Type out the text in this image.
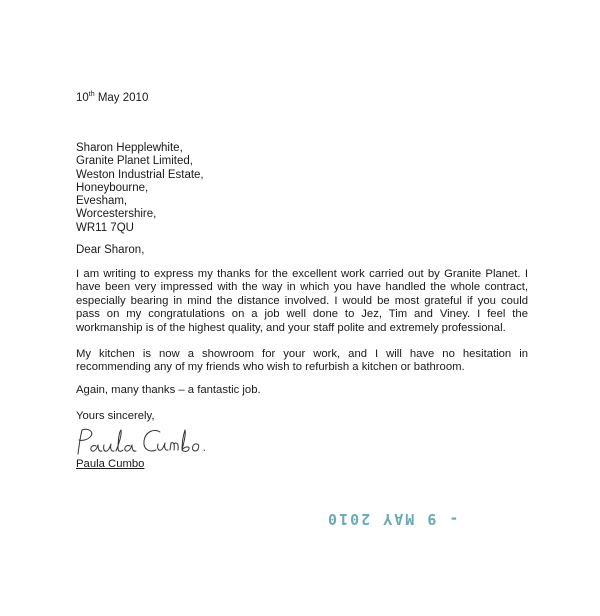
10th May 2010
Sharon Hepplewhite,
Granite Planet Limited,
Weston Industrial Estate,
Honeybourne,
Evesham,
Worcestershire,
WR11 7QU
Dear Sharon,

I am writing to express my thanks for the excellent work carried out by Granite Planet. I have been very impressed with the way in which you have handled the whole contract, especially bearing in mind the distance involved. I would be most grateful if you could pass on my congratulations on a job well done to Jez, Tim and Viney. I feel the workmanship is of the highest quality, and your staff polite and extremely professional.

My kitchen is now a showroom for your work, and I will have no hesitation in recommending any of my friends who wish to refurbish a kitchen or bathroom.

Again, many thanks – a fantastic job.

Yours sincerely,
Paula Cumbo
- 9 MAY 2010
